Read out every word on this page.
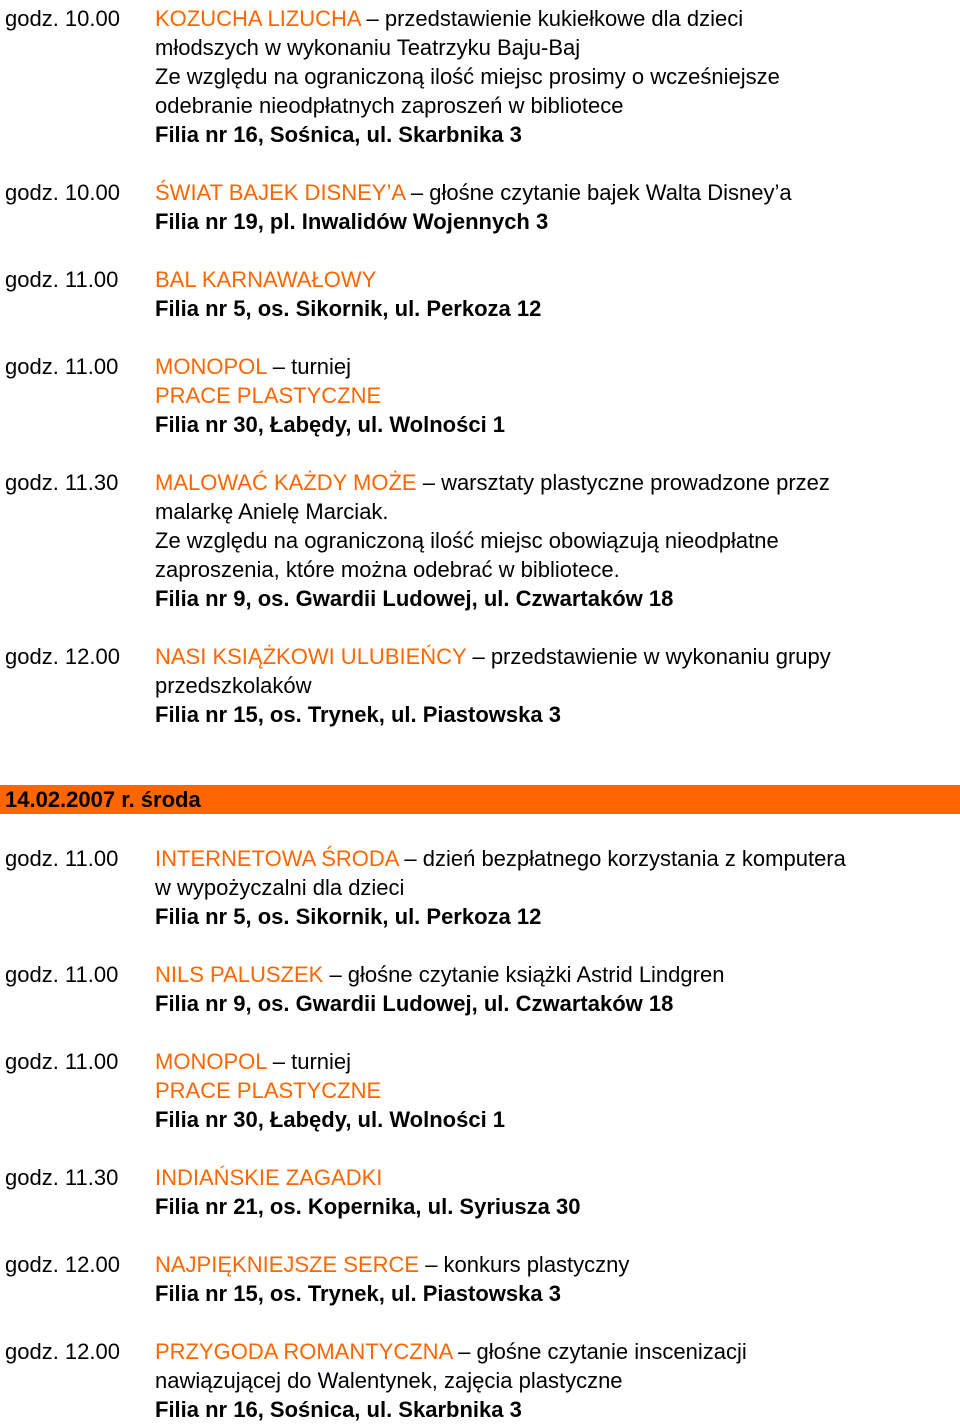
godz. 10.00 KOZUCHA LIZUCHA – przedstawienie kukiełkowe dla dzieci
młodszych w wykonaniu Teatrzyku Baju-Baj
Ze względu na ograniczoną ilość miejsc prosimy o wcześniejsze
odebranie nieodpłatnych zaproszeń w bibliotece
Filia nr 16, Sośnica, ul. Skarbnika 3
godz. 10.00 ŚWIAT BAJEK DISNEY’A – głośne czytanie bajek Walta Disney’a
Filia nr 19, pl. Inwalidów Wojennych 3
godz. 11.00 BAL KARNAWAŁOWY
Filia nr 5, os. Sikornik, ul. Perkoza 12
godz. 11.00 MONOPOL – turniej
PRACE PLASTYCZNE
Filia nr 30, Łabędy, ul. Wolności 1
godz. 11.30 MALOWAĆ KAŻDY MOŻE – warsztaty plastyczne prowadzone przez
malarkę Anielę Marciak.
Ze względu na ograniczoną ilość miejsc obowiązują nieodpłatne
zaproszenia, które można odebrać w bibliotece.
Filia nr 9, os. Gwardii Ludowej, ul. Czwartaków 18
godz. 12.00 NASI KSIĄŻKOWI ULUBIEŃCY – przedstawienie w wykonaniu grupy
przedszkolaków
Filia nr 15, os. Trynek, ul. Piastowska 3
14.02.2007 r. środa
godz. 11.00 INTERNETOWA ŚRODA – dzień bezpłatnego korzystania z komputera
w wypożyczalni dla dzieci
Filia nr 5, os. Sikornik, ul. Perkoza 12
godz. 11.00 NILS PALUSZEK – głośne czytanie książki Astrid Lindgren
Filia nr 9, os. Gwardii Ludowej, ul. Czwartaków 18
godz. 11.00 MONOPOL – turniej
PRACE PLASTYCZNE
Filia nr 30, Łabędy, ul. Wolności 1
godz. 11.30 INDIAŃSKIE ZAGADKI
Filia nr 21, os. Kopernika, ul. Syriusza 30
godz. 12.00 NAJPIĘKNIEJSZE SERCE – konkurs plastyczny
Filia nr 15, os. Trynek, ul. Piastowska 3
godz. 12.00 PRZYGODA ROMANTYCZNA – głośne czytanie inscenizacji
nawiązującej do Walentynek, zajęcia plastyczne
Filia nr 16, Sośnica, ul. Skarbnika 3
